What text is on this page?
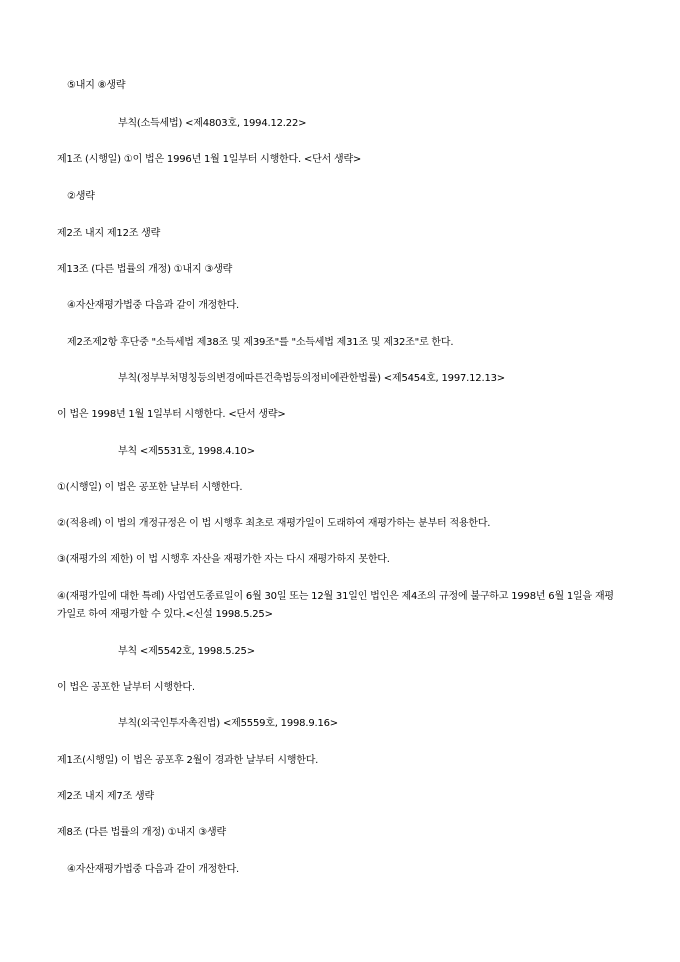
⑤내지 ⑧생략
부칙(소득세법) <제4803호, 1994.12.22>
제1조 (시행일) ①이 법은 1996년 1월 1일부터 시행한다. <단서 생략>
②생략
제2조 내지 제12조 생략
제13조 (다른 법률의 개정) ①내지 ③생략
④자산재평가법중 다음과 같이 개정한다.
제2조제2항 후단중 "소득세법 제38조 및 제39조"를 "소득세법 제31조 및 제32조"로 한다.
부칙(정부부처명칭등의변경에따른건축법등의정비에관한법률) <제5454호, 1997.12.13>
이 법은 1998년 1월 1일부터 시행한다. <단서 생략>
부칙 <제5531호, 1998.4.10>
①(시행일) 이 법은 공포한 날부터 시행한다.
②(적용례) 이 법의 개정규정은 이 법 시행후 최초로 재평가일이 도래하여 재평가하는 분부터 적용한다.
③(재평가의 제한) 이 법 시행후 자산을 재평가한 자는 다시 재평가하지 못한다.
④(재평가일에 대한 특례) 사업연도종료일이 6월 30일 또는 12월 31일인 법인은 제4조의 규정에 불구하고 1998년 6월 1일을 재평가일로 하여 재평가할 수 있다.<신설 1998.5.25>
부칙 <제5542호, 1998.5.25>
이 법은 공포한 날부터 시행한다.
부칙(외국인투자촉진법) <제5559호, 1998.9.16>
제1조(시행일) 이 법은 공포후 2월이 경과한 날부터 시행한다.
제2조 내지 제7조 생략
제8조 (다른 법률의 개정) ①내지 ③생략
④자산재평가법중 다음과 같이 개정한다.
